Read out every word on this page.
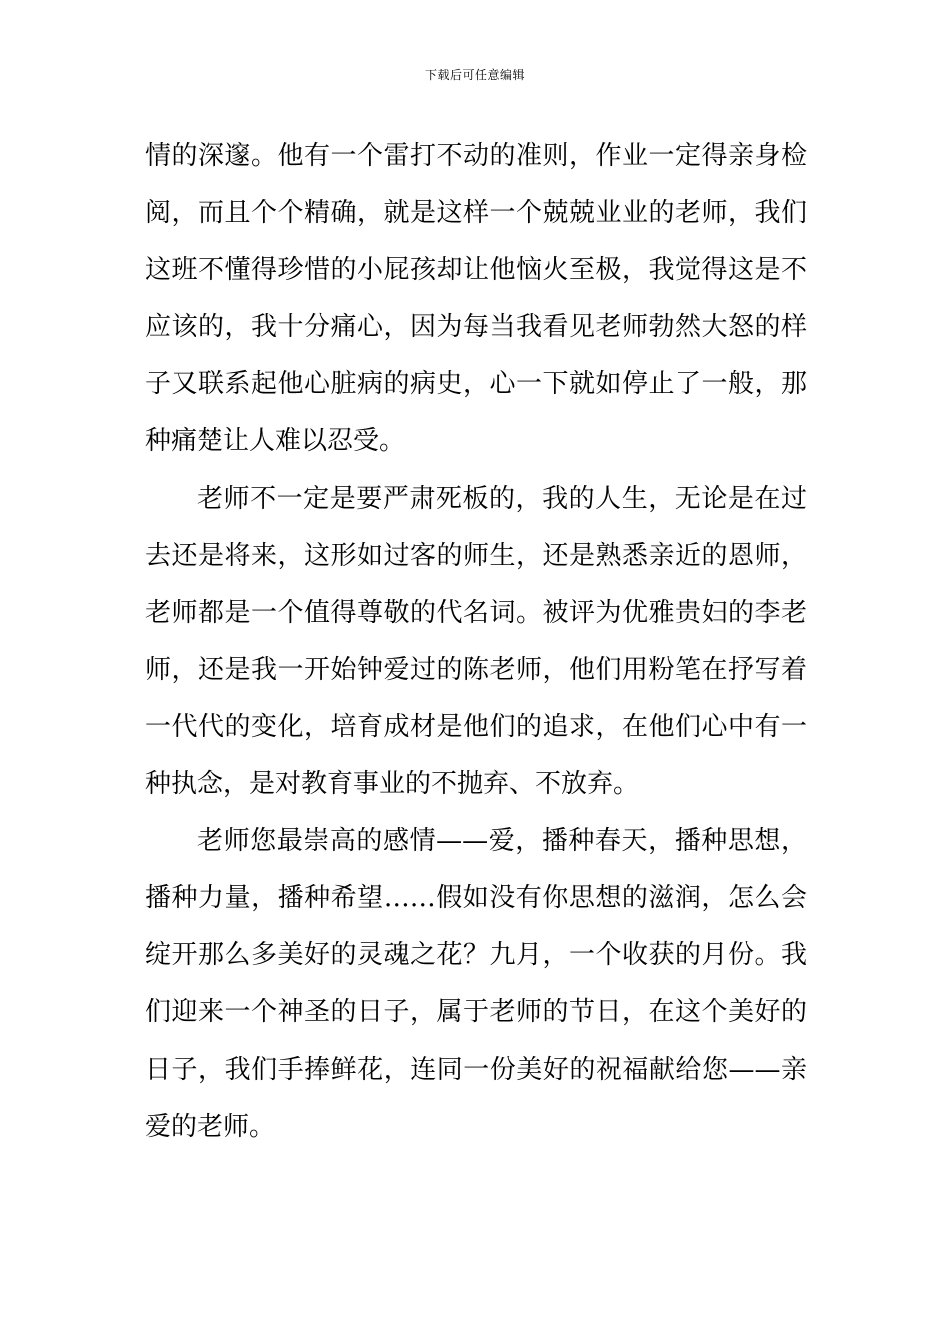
下载后可任意编辑

情的深邃。他有一个雷打不动的准则，作业一定得亲身检阅，而且个个精确，就是这样一个兢兢业业的老师，我们这班不懂得珍惜的小屁孩却让他恼火至极，我觉得这是不应该的，我十分痛心，因为每当我看见老师勃然大怒的样子又联系起他心脏病的病史，心一下就如停止了一般，那种痛楚让人难以忍受。

老师不一定是要严肃死板的，我的人生，无论是在过去还是将来，这形如过客的师生，还是熟悉亲近的恩师，老师都是一个值得尊敬的代名词。被评为优雅贵妇的李老师，还是我一开始钟爱过的陈老师，他们用粉笔在抒写着一代代的变化，培育成材是他们的追求，在他们心中有一种执念，是对教育事业的不抛弃、不放弃。

老师您最崇高的感情——爱，播种春天，播种思想，播种力量，播种希望……假如没有你思想的滋润，怎么会绽开那么多美好的灵魂之花？九月，一个收获的月份。我们迎来一个神圣的日子，属于老师的节日，在这个美好的日子，我们手捧鲜花，连同一份美好的祝福献给您——亲爱的老师。
